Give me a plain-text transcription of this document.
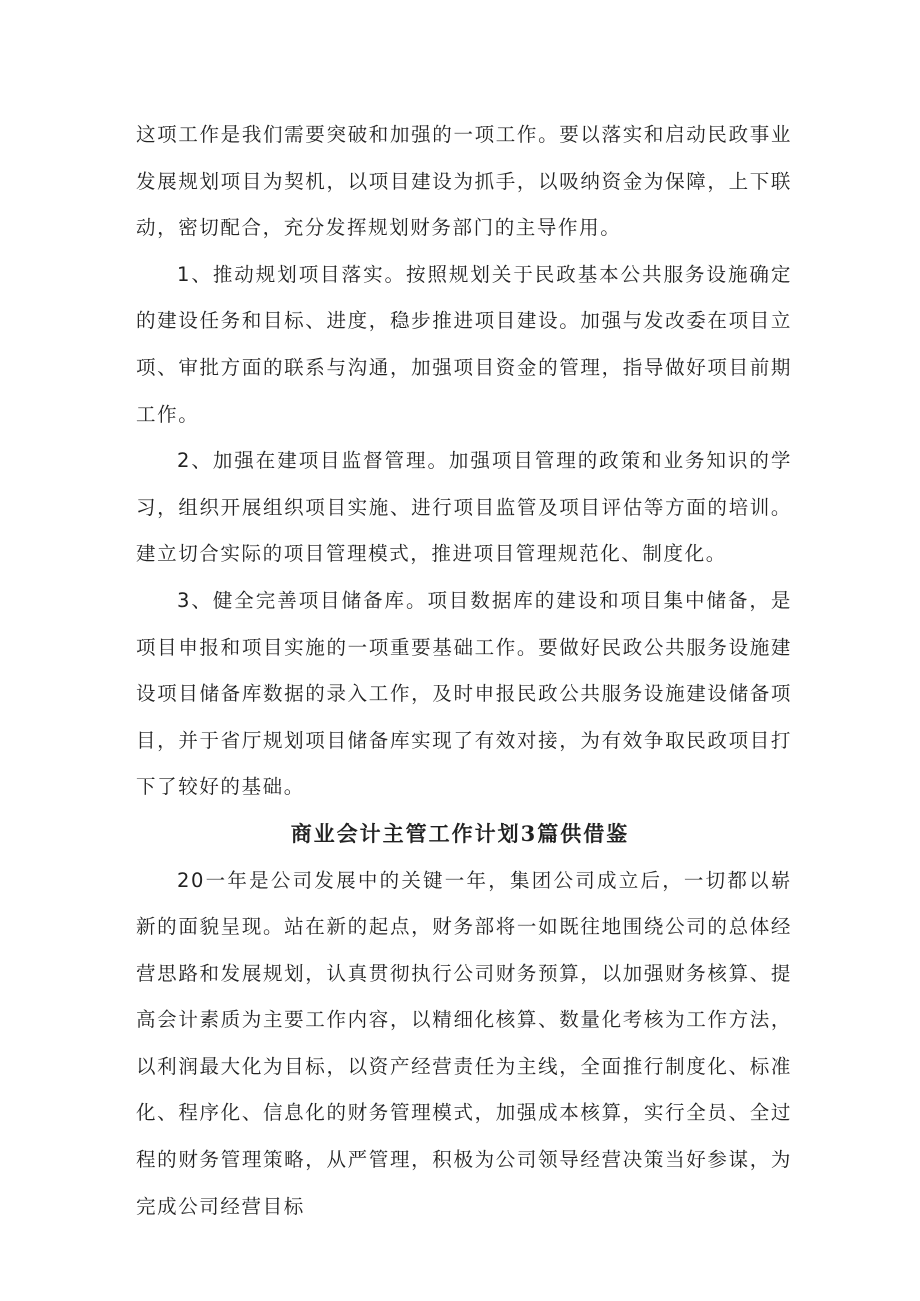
这项工作是我们需要突破和加强的一项工作。要以落实和启动民政事业发展规划项目为契机，以项目建设为抓手，以吸纳资金为保障，上下联动，密切配合，充分发挥规划财务部门的主导作用。

1、推动规划项目落实。按照规划关于民政基本公共服务设施确定的建设任务和目标、进度，稳步推进项目建设。加强与发改委在项目立项、审批方面的联系与沟通，加强项目资金的管理，指导做好项目前期工作。

2、加强在建项目监督管理。加强项目管理的政策和业务知识的学习，组织开展组织项目实施、进行项目监管及项目评估等方面的培训。建立切合实际的项目管理模式，推进项目管理规范化、制度化。

3、健全完善项目储备库。项目数据库的建设和项目集中储备，是项目申报和项目实施的一项重要基础工作。要做好民政公共服务设施建设项目储备库数据的录入工作，及时申报民政公共服务设施建设储备项目，并于省厅规划项目储备库实现了有效对接，为有效争取民政项目打下了较好的基础。

商业会计主管工作计划3篇供借鉴

20一年是公司发展中的关键一年，集团公司成立后，一切都以崭新的面貌呈现。站在新的起点，财务部将一如既往地围绕公司的总体经营思路和发展规划，认真贯彻执行公司财务预算，以加强财务核算、提高会计素质为主要工作内容，以精细化核算、数量化考核为工作方法，以利润最大化为目标，以资产经营责任为主线，全面推行制度化、标准化、程序化、信息化的财务管理模式，加强成本核算，实行全员、全过程的财务管理策略，从严管理，积极为公司领导经营决策当好参谋，为完成公司经营目标
